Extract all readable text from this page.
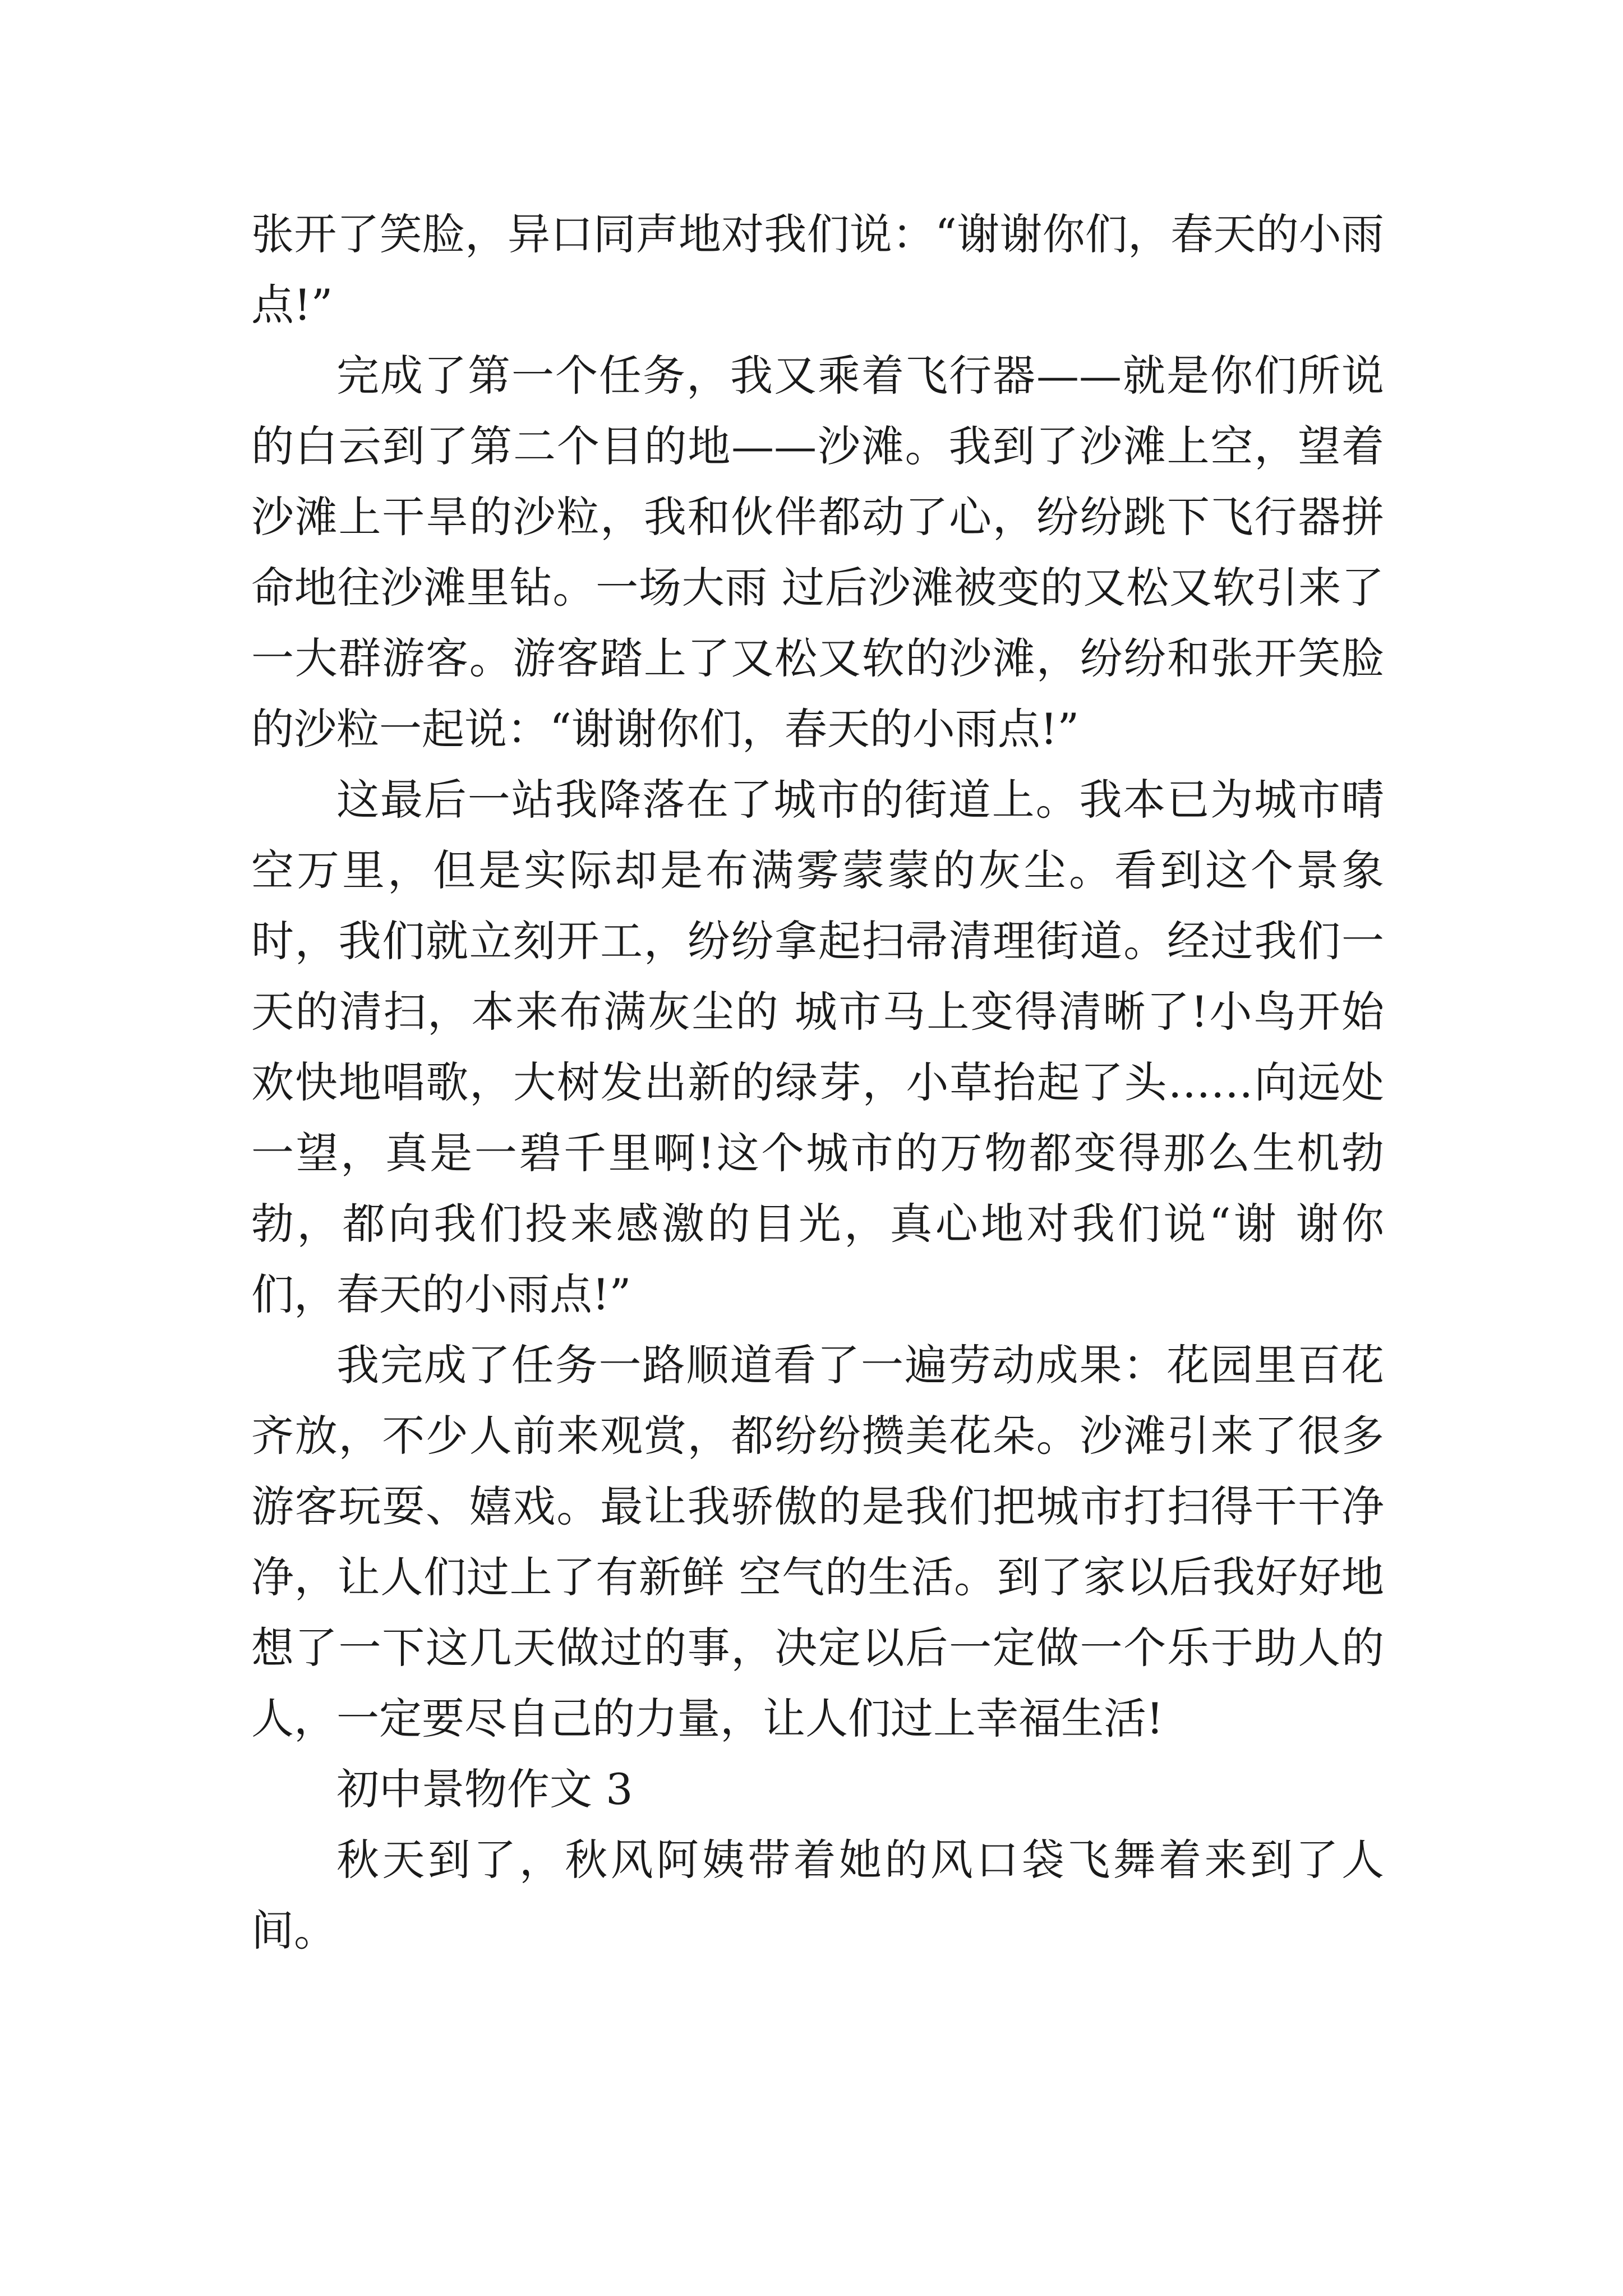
张开了笑脸，异口同声地对我们说：“谢谢你们，春天的小雨点!”

完成了第一个任务，我又乘着飞行器——就是你们所说的白云到了第二个目的地——沙滩。我到了沙滩上空，望着沙滩上干旱的沙粒，我和伙伴都动了心，纷纷跳下飞行器拼命地往沙滩里钻。一场大雨 过后沙滩被变的又松又软引来了一大群游客。游客踏上了又松又软的沙滩，纷纷和张开笑脸的沙粒一起说：“谢谢你们，春天的小雨点!”

这最后一站我降落在了城市的街道上。我本已为城市晴空万里，但是实际却是布满雾蒙蒙的灰尘。看到这个景象时，我们就立刻开工，纷纷拿起扫帚清理街道。经过我们一天的清扫，本来布满灰尘的 城市马上变得清晰了!小鸟开始欢快地唱歌，大树发出新的绿芽，小草抬起了头……向远处一望，真是一碧千里啊!这个城市的万物都变得那么生机勃勃，都向我们投来感激的目光，真心地对我们说“谢 谢你们，春天的小雨点!”

我完成了任务一路顺道看了一遍劳动成果：花园里百花齐放，不少人前来观赏，都纷纷攒美花朵。沙滩引来了很多游客玩耍、嬉戏。最让我骄傲的是我们把城市打扫得干干净净，让人们过上了有新鲜 空气的生活。到了家以后我好好地想了一下这几天做过的事，决定以后一定做一个乐于助人的人，一定要尽自己的力量，让人们过上幸福生活!

初中景物作文 3

秋天到了，秋风阿姨带着她的风口袋飞舞着来到了人间。
